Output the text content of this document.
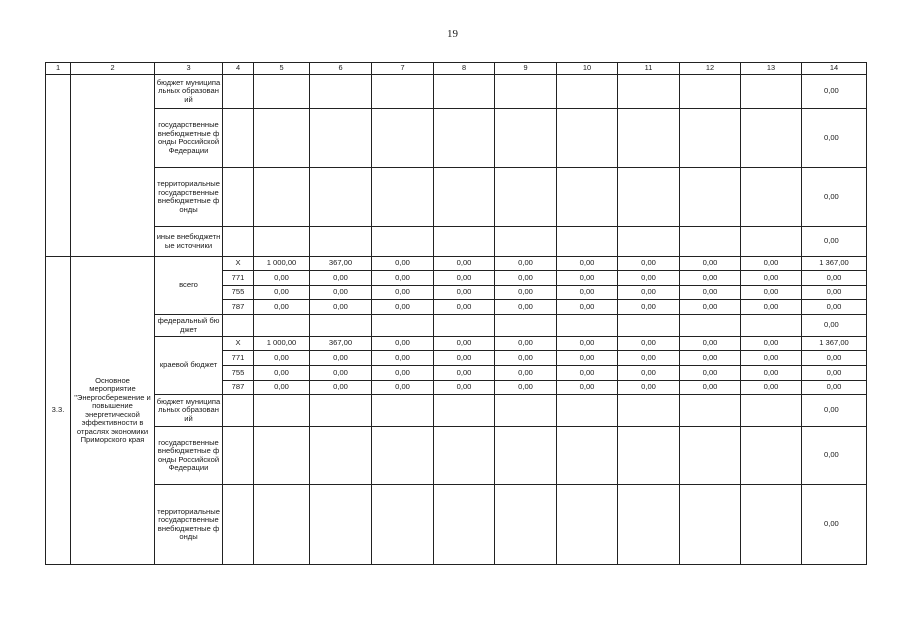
19
1	2	3	4	5	6	7	8	9	10	11	12	13	14
		бюджет муниципальных образований											0,00
		государственные внебюджетные фонды Российской Федерации											0,00
		территориальные государственные внебюджетные фонды											0,00
		иные внебюджетные источники											0,00
3.3.	Основное мероприятие "Энергосбережение и повышение энергетической эффективности в отраслях экономики Приморского края	всего	X	1 000,00	367,00	0,00	0,00	0,00	0,00	0,00	0,00	0,00	1 367,00
			771	0,00	0,00	0,00	0,00	0,00	0,00	0,00	0,00	0,00	0,00
			755	0,00	0,00	0,00	0,00	0,00	0,00	0,00	0,00	0,00	0,00
			787	0,00	0,00	0,00	0,00	0,00	0,00	0,00	0,00	0,00	0,00
		федеральный бюджет											0,00
		краевой бюджет	X	1 000,00	367,00	0,00	0,00	0,00	0,00	0,00	0,00	0,00	1 367,00
			771	0,00	0,00	0,00	0,00	0,00	0,00	0,00	0,00	0,00	0,00
			755	0,00	0,00	0,00	0,00	0,00	0,00	0,00	0,00	0,00	0,00
			787	0,00	0,00	0,00	0,00	0,00	0,00	0,00	0,00	0,00	0,00
		бюджет муниципальных образований											0,00
		государственные внебюджетные фонды Российской Федерации											0,00
		территориальные государственные внебюджетные фонды											0,00
